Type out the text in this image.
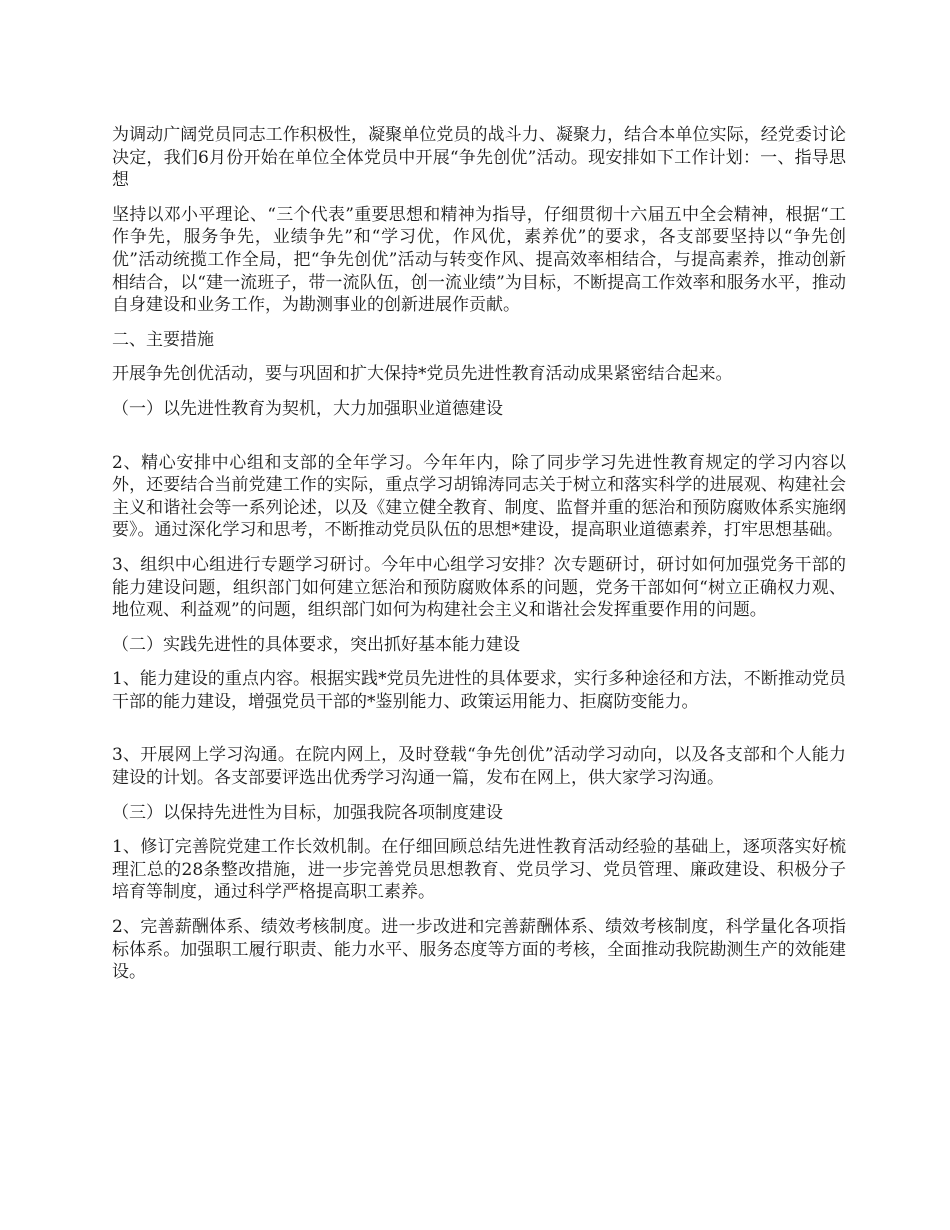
为调动广阔党员同志工作积极性，凝聚单位党员的战斗力、凝聚力，结合本单位实际，经党委讨论决定，我们6月份开始在单位全体党员中开展“争先创优”活动。现安排如下工作计划：一、指导思想

坚持以邓小平理论、“三个代表”重要思想和精神为指导，仔细贯彻十六届五中全会精神，根据“工作争先，服务争先，业绩争先”和“学习优，作风优，素养优”的要求，各支部要坚持以“争先创优”活动统揽工作全局，把“争先创优”活动与转变作风、提高效率相结合，与提高素养，推动创新相结合，以“建一流班子，带一流队伍，创一流业绩”为目标，不断提高工作效率和服务水平，推动自身建设和业务工作，为勘测事业的创新进展作贡献。

二、主要措施

开展争先创优活动，要与巩固和扩大保持*党员先进性教育活动成果紧密结合起来。

（一）以先进性教育为契机，大力加强职业道德建设

2、精心安排中心组和支部的全年学习。今年年内，除了同步学习先进性教育规定的学习内容以外，还要结合当前党建工作的实际，重点学习胡锦涛同志关于树立和落实科学的进展观、构建社会主义和谐社会等一系列论述，以及《建立健全教育、制度、监督并重的惩治和预防腐败体系实施纲要》。通过深化学习和思考，不断推动党员队伍的思想*建设，提高职业道德素养，打牢思想基础。

3、组织中心组进行专题学习研讨。今年中心组学习安排？次专题研讨，研讨如何加强党务干部的能力建设问题，组织部门如何建立惩治和预防腐败体系的问题，党务干部如何“树立正确权力观、地位观、利益观”的问题，组织部门如何为构建社会主义和谐社会发挥重要作用的问题。

（二）实践先进性的具体要求，突出抓好基本能力建设

1、能力建设的重点内容。根据实践*党员先进性的具体要求，实行多种途径和方法，不断推动党员干部的能力建设，增强党员干部的*鉴别能力、政策运用能力、拒腐防变能力。

3、开展网上学习沟通。在院内网上，及时登载“争先创优”活动学习动向，以及各支部和个人能力建设的计划。各支部要评选出优秀学习沟通一篇，发布在网上，供大家学习沟通。

（三）以保持先进性为目标，加强我院各项制度建设

1、修订完善院党建工作长效机制。在仔细回顾总结先进性教育活动经验的基础上，逐项落实好梳理汇总的28条整改措施，进一步完善党员思想教育、党员学习、党员管理、廉政建设、积极分子培育等制度，通过科学严格提高职工素养。

2、完善薪酬体系、绩效考核制度。进一步改进和完善薪酬体系、绩效考核制度，科学量化各项指标体系。加强职工履行职责、能力水平、服务态度等方面的考核，全面推动我院勘测生产的效能建设。
